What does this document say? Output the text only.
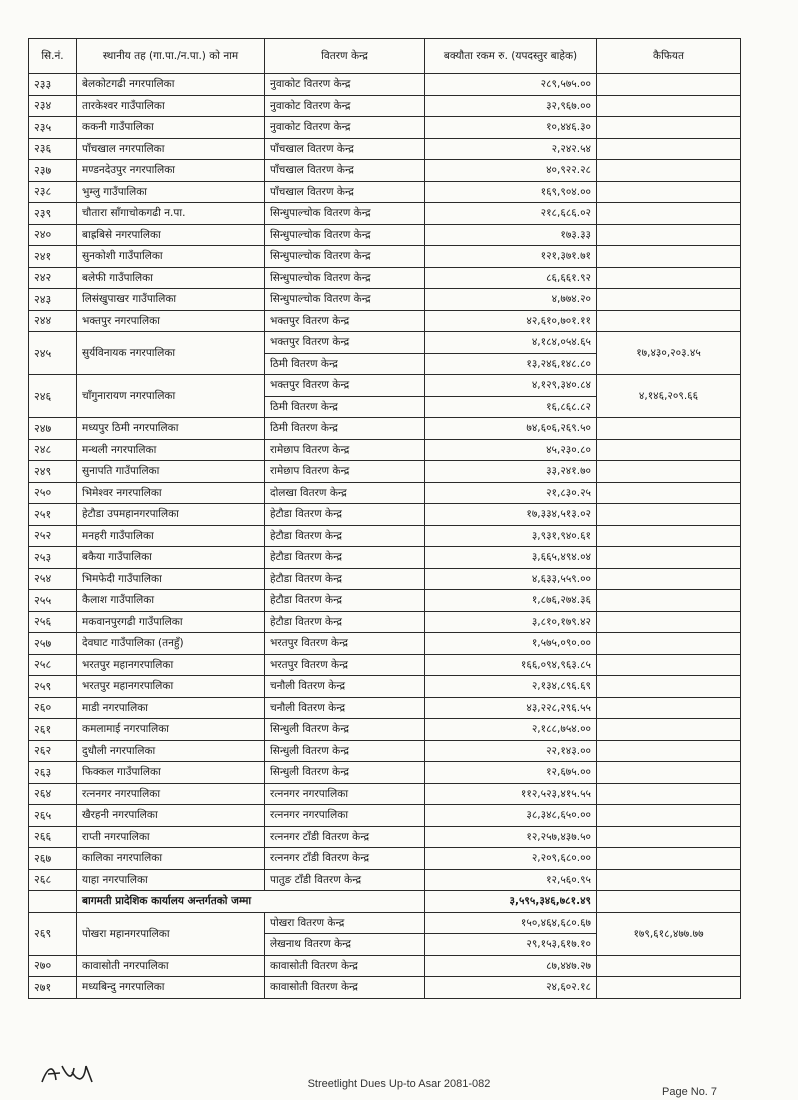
सि.नं.	स्थानीय तह (गा.पा./न.पा.) को नाम	वितरण केन्द्र	बक्यौता रकम रु. (यपदस्तुर बाहेक)	कैफियत
२३३	बेलकोटगढी नगरपालिका	नुवाकोट वितरण केन्द्र	२८९,५७५.००	
२३४	तारकेश्वर गाउँपालिका	नुवाकोट वितरण केन्द्र	३२,९६७.००	
२३५	ककनी गाउँपालिका	नुवाकोट वितरण केन्द्र	१०,४४६.३०	
२३६	पाँचखाल नगरपालिका	पाँचखाल वितरण केन्द्र	२,२४२.५४	
२३७	मण्डनदेउपुर नगरपालिका	पाँचखाल वितरण केन्द्र	४०,९२२.२८	
२३८	भुम्लु गाउँपालिका	पाँचखाल वितरण केन्द्र	१६९,९०४.००	
२३९	चौतारा साँगाचोकगढी न.पा.	सिन्धुपाल्चोक वितरण केन्द्र	२१८,६८६.०२	
२४०	बाह्रबिसे नगरपालिका	सिन्धुपाल्चोक वितरण केन्द्र	१७३.३३	
२४१	सुनकोशी गाउँपालिका	सिन्धुपाल्चोक वितरण केन्द्र	१२१,३७१.७१	
२४२	बलेफी गाउँपालिका	सिन्धुपाल्चोक वितरण केन्द्र	८६,६६१.९२	
२४३	लिसंखुपाखर गाउँपालिका	सिन्धुपाल्चोक वितरण केन्द्र	४,७७४.२०	
२४४	भक्तपुर नगरपालिका	भक्तपुर वितरण केन्द्र	४२,६१०,७०१.११	
२४५	सुर्यविनायक नगरपालिका	भक्तपुर वितरण केन्द्र	४,१८४,०५४.६५	१७,४३०,२०३.४५
		ठिमी वितरण केन्द्र	१३,२४६,१४८.८०	
२४६	चाँगुनारायण नगरपालिका	भक्तपुर वितरण केन्द्र	४,१२९,३४०.८४	४,१४६,२०९.६६
		ठिमी वितरण केन्द्र	१६,८६८.८२	
२४७	मध्यपुर ठिमी नगरपालिका	ठिमी वितरण केन्द्र	७४,६०६,२६९.५०	
२४८	मन्थली नगरपालिका	रामेछाप वितरण केन्द्र	४५,२३०.८०	
२४९	सुनापति गाउँपालिका	रामेछाप वितरण केन्द्र	३३,२४१.७०	
२५०	भिमेश्वर नगरपालिका	दोलखा वितरण केन्द्र	२१,८३०.२५	
२५१	हेटौडा उपमहानगरपालिका	हेटौडा वितरण केन्द्र	१७,३३४,५१३.०२	
२५२	मनहरी गाउँपालिका	हेटौडा वितरण केन्द्र	३,९३१,९४०.६१	
२५३	बकैया गाउँपालिका	हेटौडा वितरण केन्द्र	३,६६५,४९४.०४	
२५४	भिमफेदी गाउँपालिका	हेटौडा वितरण केन्द्र	४,६३३,५५९.००	
२५५	कैलाश गाउँपालिका	हेटौडा वितरण केन्द्र	१,८७६,२७४.३६	
२५६	मकवानपुरगढी गाउँपालिका	हेटौडा वितरण केन्द्र	३,८१०,१७९.४२	
२५७	देवघाट गाउँपालिका (तनहुँ)	भरतपुर वितरण केन्द्र	१,५७५,०९०.००	
२५८	भरतपुर महानगरपालिका	भरतपुर वितरण केन्द्र	१६६,०९४,९६३.८५	
२५९	भरतपुर महानगरपालिका	चनौली वितरण केन्द्र	२,१३४,८९६.६९	
२६०	माडी नगरपालिका	चनौली वितरण केन्द्र	४३,२२८,२९६.५५	
२६१	कमलामाई नगरपालिका	सिन्धुली वितरण केन्द्र	२,१८८,७५४.००	
२६२	दुधौली नगरपालिका	सिन्धुली वितरण केन्द्र	२२,१४३.००	
२६३	फिक्कल गाउँपालिका	सिन्धुली वितरण केन्द्र	१२,६७५.००	
२६४	रत्ननगर नगरपालिका	रत्ननगर नगरपालिका	११२,५२३,४१५.५५	
२६५	खैरहनी नगरपालिका	रत्ननगर नगरपालिका	३८,३४८,६५०.००	
२६६	राप्ती नगरपालिका	रत्ननगर टाँडी वितरण केन्द्र	१२,२५७,४३७.५०	
२६७	कालिका नगरपालिका	रत्ननगर टाँडी वितरण केन्द्र	२,२०९,६८०.००	
२६८	याहा नगरपालिका	पातुङ टाँडी वितरण केन्द्र	१२,५६०.९५	
	बागमती प्रादेशिक कार्यालय अन्तर्गतको जम्मा		३,५९५,३४६,७८१.४९	
२६९	पोखरा महानगरपालिका	पोखरा वितरण केन्द्र	१५०,४६४,६८०.६७	१७९,६१८,४७७.७७
		लेखनाथ वितरण केन्द्र	२९,१५३,६१७.१०	
२७०	कावासोती नगरपालिका	कावासोती वितरण केन्द्र	८७,४४७.२७	
२७१	मध्यबिन्दु नगरपालिका	कावासोती वितरण केन्द्र	२४,६०२.१८	
Streetlight Dues Up-to Asar 2081-082
Page No. 7
